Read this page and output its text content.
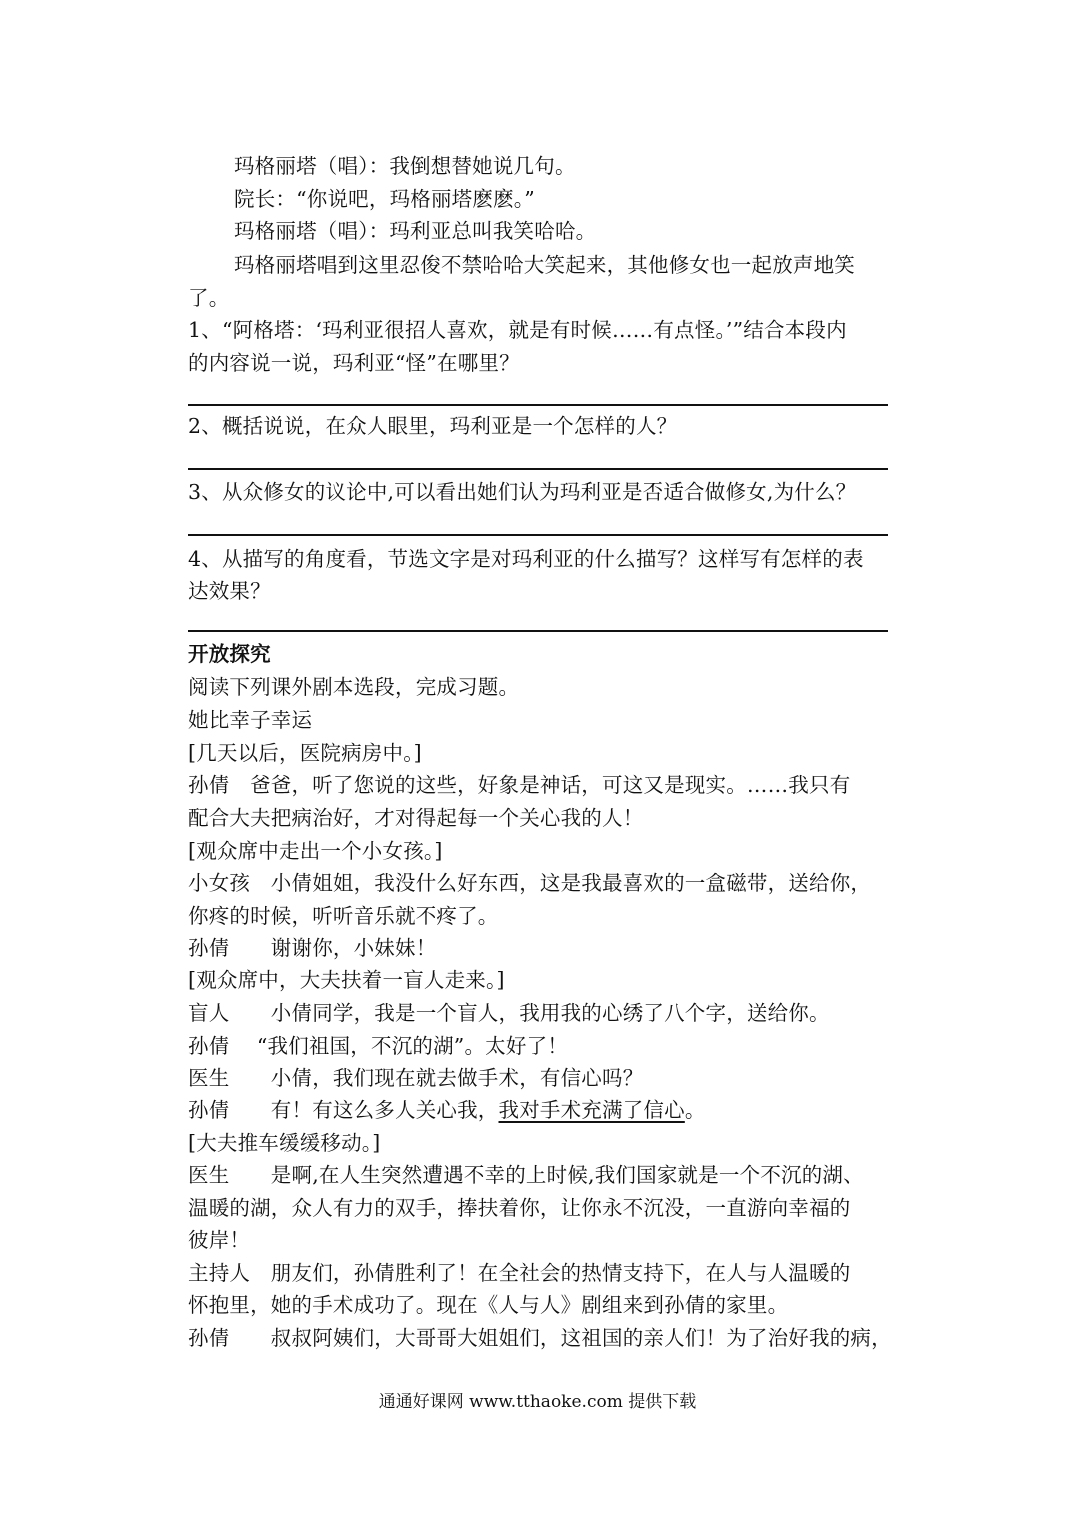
玛格丽塔（唱）：我倒想替她说几句。
院长：“你说吧，玛格丽塔麽麽。”
玛格丽塔（唱）：玛利亚总叫我笑哈哈。
玛格丽塔唱到这里忍俊不禁哈哈大笑起来，其他修女也一起放声地笑
了。
1、“阿格塔：‘玛利亚很招人喜欢，就是有时候……有点怪。’”结合本段内
的内容说一说，玛利亚“怪”在哪里？
2、概括说说，在众人眼里，玛利亚是一个怎样的人？
3、从众修女的议论中,可以看出她们认为玛利亚是否适合做修女,为什么？
4、从描写的角度看，节选文字是对玛利亚的什么描写？这样写有怎样的表
达效果？
开放探究
阅读下列课外剧本选段，完成习题。
她比幸子幸运
[几天以后，医院病房中。]
孙倩　爸爸，听了您说的这些，好象是神话，可这又是现实。……我只有
配合大夫把病治好，才对得起每一个关心我的人！
[观众席中走出一个小女孩。]
小女孩　小倩姐姐，我没什么好东西，这是我最喜欢的一盒磁带，送给你，
你疼的时候，听听音乐就不疼了。
孙倩　　谢谢你，小妹妹！
[观众席中，大夫扶着一盲人走来。]
盲人　　小倩同学，我是一个盲人，我用我的心绣了八个字，送给你。
孙倩　 “我们祖国，不沉的湖”。太好了！
医生　　小倩，我们现在就去做手术，有信心吗？
孙倩　　有！有这么多人关心我，我对手术充满了信心。
[大夫推车缓缓移动。]
医生　　是啊,在人生突然遭遇不幸的上时候,我们国家就是一个不沉的湖、
温暖的湖，众人有力的双手，捧扶着你，让你永不沉没，一直游向幸福的
彼岸！
主持人　朋友们，孙倩胜利了！在全社会的热情支持下，在人与人温暖的
怀抱里，她的手术成功了。现在《人与人》剧组来到孙倩的家里。
孙倩　　叔叔阿姨们，大哥哥大姐姐们，这祖国的亲人们！为了治好我的病，
通通好课网 www.tthaoke.com 提供下载
